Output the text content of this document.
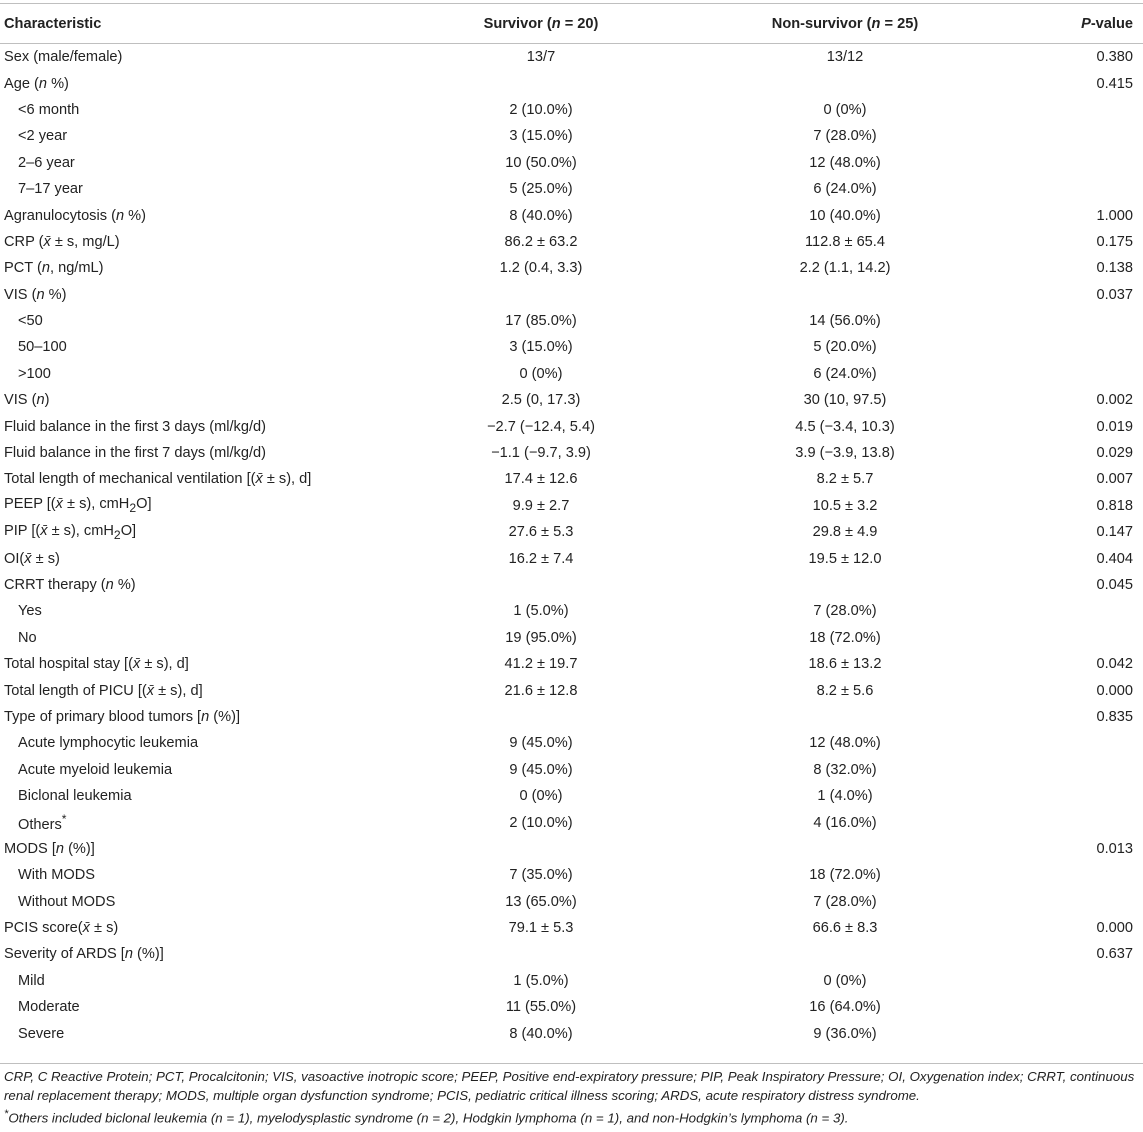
Characteristic	Survivor (n = 20)	Non-survivor (n = 25)	P-value
Sex (male/female)	13/7	13/12	0.380
Age (n %)			0.415
<6 month	2 (10.0%)	0 (0%)	
<2 year	3 (15.0%)	7 (28.0%)	
2–6 year	10 (50.0%)	12 (48.0%)	
7–17 year	5 (25.0%)	6 (24.0%)	
Agranulocytosis (n %)	8 (40.0%)	10 (40.0%)	1.000
CRP (x̄ ± s, mg/L)	86.2 ± 63.2	112.8 ± 65.4	0.175
PCT (n, ng/mL)	1.2 (0.4, 3.3)	2.2 (1.1, 14.2)	0.138
VIS (n %)			0.037
<50	17 (85.0%)	14 (56.0%)	
50–100	3 (15.0%)	5 (20.0%)	
>100	0 (0%)	6 (24.0%)	
VIS (n)	2.5 (0, 17.3)	30 (10, 97.5)	0.002
Fluid balance in the first 3 days (ml/kg/d)	−2.7 (−12.4, 5.4)	4.5 (−3.4, 10.3)	0.019
Fluid balance in the first 7 days (ml/kg/d)	−1.1 (−9.7, 3.9)	3.9 (−3.9, 13.8)	0.029
Total length of mechanical ventilation [(x̄ ± s), d]	17.4 ± 12.6	8.2 ± 5.7	0.007
PEEP [(x̄ ± s), cmH$_2$O]	9.9 ± 2.7	10.5 ± 3.2	0.818
PIP [(x̄ ± s), cmH$_2$O]	27.6 ± 5.3	29.8 ± 4.9	0.147
OI(x̄ ± s)	16.2 ± 7.4	19.5 ± 12.0	0.404
CRRT therapy (n %)			0.045
Yes	1 (5.0%)	7 (28.0%)	
No	19 (95.0%)	18 (72.0%)	
Total hospital stay [(x̄ ± s), d]	41.2 ± 19.7	18.6 ± 13.2	0.042
Total length of PICU [(x̄ ± s), d]	21.6 ± 12.8	8.2 ± 5.6	0.000
Type of primary blood tumors [n (%)]			0.835
Acute lymphocytic leukemia	9 (45.0%)	12 (48.0%)	
Acute myeloid leukemia	9 (45.0%)	8 (32.0%)	
Biclonal leukemia	0 (0%)	1 (4.0%)	
Others*	2 (10.0%)	4 (16.0%)	
MODS [n (%)]			0.013
With MODS	7 (35.0%)	18 (72.0%)	
Without MODS	13 (65.0%)	7 (28.0%)	
PCIS score(x̄ ± s)	79.1 ± 5.3	66.6 ± 8.3	0.000
Severity of ARDS [n (%)]			0.637
Mild	1 (5.0%)	0 (0%)	
Moderate	11 (55.0%)	16 (64.0%)	
Severe	8 (40.0%)	9 (36.0%)	

CRP, C Reactive Protein; PCT, Procalcitonin; VIS, vasoactive inotropic score; PEEP, Positive end-expiratory pressure; PIP, Peak Inspiratory Pressure; OI, Oxygenation index; CRRT, continuous renal replacement therapy; MODS, multiple organ dysfunction syndrome; PCIS, pediatric critical illness scoring; ARDS, acute respiratory distress syndrome.

*Others included biclonal leukemia (n = 1), myelodysplastic syndrome (n = 2), Hodgkin lymphoma (n = 1), and non-Hodgkin’s lymphoma (n = 3).
